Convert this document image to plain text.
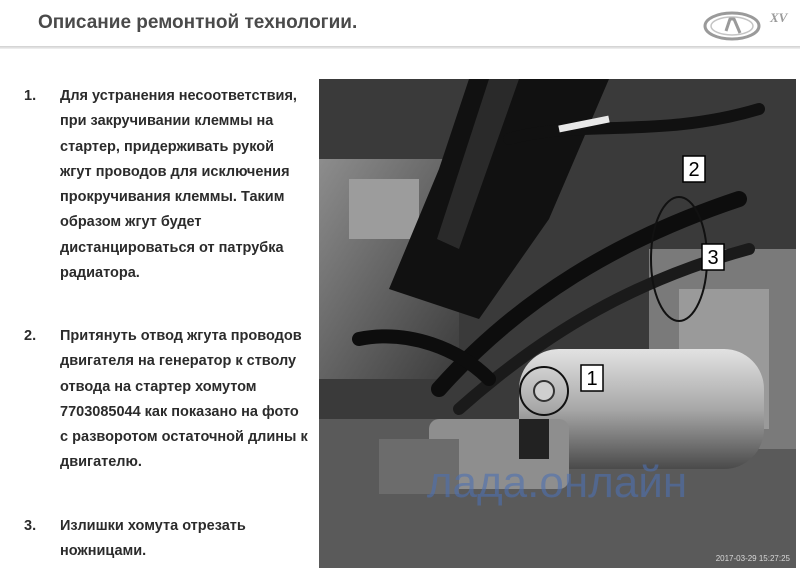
Описание ремонтной технологии.	XV
1. Для устранения несоответствия, при закручивании клеммы на стартер, придерживать рукой жгут проводов для исключения прокручивания клеммы. Таким образом жгут будет дистанцироваться от патрубка радиатора.
2. Притянуть отвод жгута проводов двигателя на генератор к стволу отвода на стартер хомутом 7703085044 как показано на фото с разворотом остаточной длины к двигателю.
3. Излишки хомута отрезать ножницами.
лада.онлайн
2
3
1
2017-03-29 15:27:25
